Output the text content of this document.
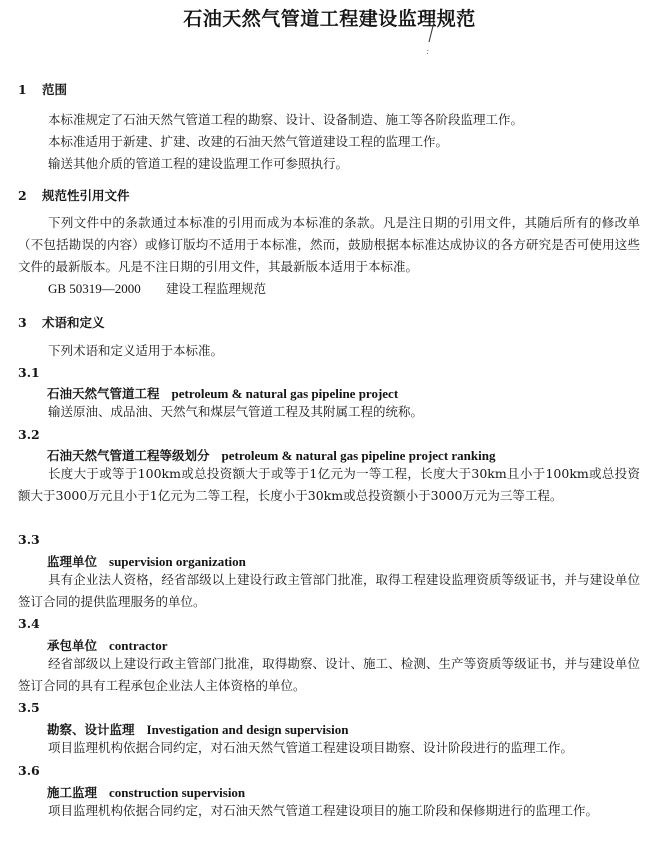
石油天然气管道工程建设监理规范
1 范围

本标准规定了石油天然气管道工程的勘察、设计、设备制造、施工等各阶段监理工作。

本标准适用于新建、扩建、改建的石油天然气管道建设工程的监理工作。

输送其他介质的管道工程的建设监理工作可参照执行。

2 规范性引用文件

下列文件中的条款通过本标准的引用而成为本标准的条款。凡是注日期的引用文件，其随后所有的修改单（不包括勘误的内容）或修订版均不适用于本标准，然而，鼓励根据本标准达成协议的各方研究是否可使用这些文件的最新版本。凡是不注日期的引用文件，其最新版本适用于本标准。

GB 50319—2000 建设工程监理规范

3 术语和定义

下列术语和定义适用于本标准。

3.1

石油天然气管道工程 petroleum & natural gas pipeline project

输送原油、成品油、天然气和煤层气管道工程及其附属工程的统称。

3.2

石油天然气管道工程等级划分 petroleum & natural gas pipeline project ranking

长度大于或等于100km或总投资额大于或等于1亿元为一等工程，长度大于30km且小于100km或总投资额大于3000万元且小于1亿元为二等工程，长度小于30km或总投资额小于3000万元为三等工程。

3.3

监理单位 supervision organization

具有企业法人资格，经省部级以上建设行政主管部门批准，取得工程建设监理资质等级证书，并与建设单位签订合同的提供监理服务的单位。

3.4

承包单位 contractor

经省部级以上建设行政主管部门批准，取得勘察、设计、施工、检测、生产等资质等级证书，并与建设单位签订合同的具有工程承包企业法人主体资格的单位。

3.5

勘察、设计监理 Investigation and design supervision

项目监理机构依据合同约定，对石油天然气管道工程建设项目勘察、设计阶段进行的监理工作。

3.6

施工监理 construction supervision

项目监理机构依据合同约定，对石油天然气管道工程建设项目的施工阶段和保修期进行的监理工作。
